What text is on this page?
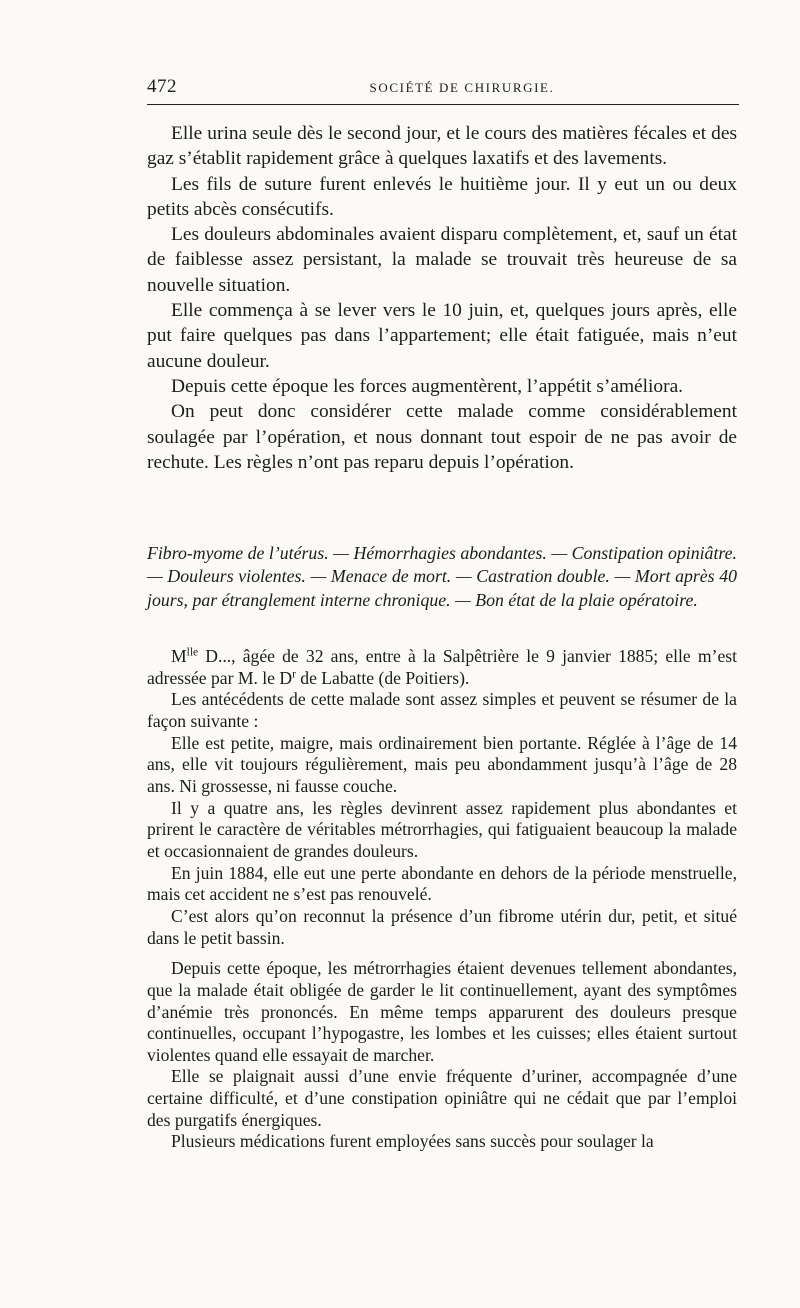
472	SOCIÉTÉ DE CHIRURGIE.

Elle urina seule dès le second jour, et le cours des matières fécales et des gaz s’établit rapidement grâce à quelques laxatifs et des lavements.

Les fils de suture furent enlevés le huitième jour. Il y eut un ou deux petits abcès consécutifs.

Les douleurs abdominales avaient disparu complètement, et, sauf un état de faiblesse assez persistant, la malade se trouvait très heureuse de sa nouvelle situation.

Elle commença à se lever vers le 10 juin, et, quelques jours après, elle put faire quelques pas dans l’appartement; elle était fatiguée, mais n’eut aucune douleur.

Depuis cette époque les forces augmentèrent, l’appétit s’améliora.

On peut donc considérer cette malade comme considérablement soulagée par l’opération, et nous donnant tout espoir de ne pas avoir de rechute. Les règles n’ont pas reparu depuis l’opération.

Fibro-myome de l’utérus. — Hémorrhagies abondantes. — Constipation opiniâtre. — Douleurs violentes. — Menace de mort. — Castration double. — Mort après 40 jours, par étranglement interne chronique. — Bon état de la plaie opératoire.

$M^{lle}$ D..., âgée de 32 ans, entre à la Salpêtrière le 9 janvier 1885; elle m’est adressée par M. le $D^r$ de Labatte (de Poitiers).

Les antécédents de cette malade sont assez simples et peuvent se résumer de la façon suivante :

Elle est petite, maigre, mais ordinairement bien portante. Réglée à l’âge de 14 ans, elle vit toujours régulièrement, mais peu abondamment jusqu’à l’âge de 28 ans. Ni grossesse, ni fausse couche.

Il y a quatre ans, les règles devinrent assez rapidement plus abondantes et prirent le caractère de véritables métrorrhagies, qui fatiguaient beaucoup la malade et occasionnaient de grandes douleurs.

En juin 1884, elle eut une perte abondante en dehors de la période menstruelle, mais cet accident ne s’est pas renouvelé.

C’est alors qu’on reconnut la présence d’un fibrome utérin dur, petit, et situé dans le petit bassin.

Depuis cette époque, les métrorrhagies étaient devenues tellement abondantes, que la malade était obligée de garder le lit continuellement, ayant des symptômes d’anémie très prononcés. En même temps apparurent des douleurs presque continuelles, occupant l’hypogastre, les lombes et les cuisses; elles étaient surtout violentes quand elle essayait de marcher.

Elle se plaignait aussi d’une envie fréquente d’uriner, accompagnée d’une certaine difficulté, et d’une constipation opiniâtre qui ne cédait que par l’emploi des purgatifs énergiques.

Plusieurs médications furent employées sans succès pour soulager la
